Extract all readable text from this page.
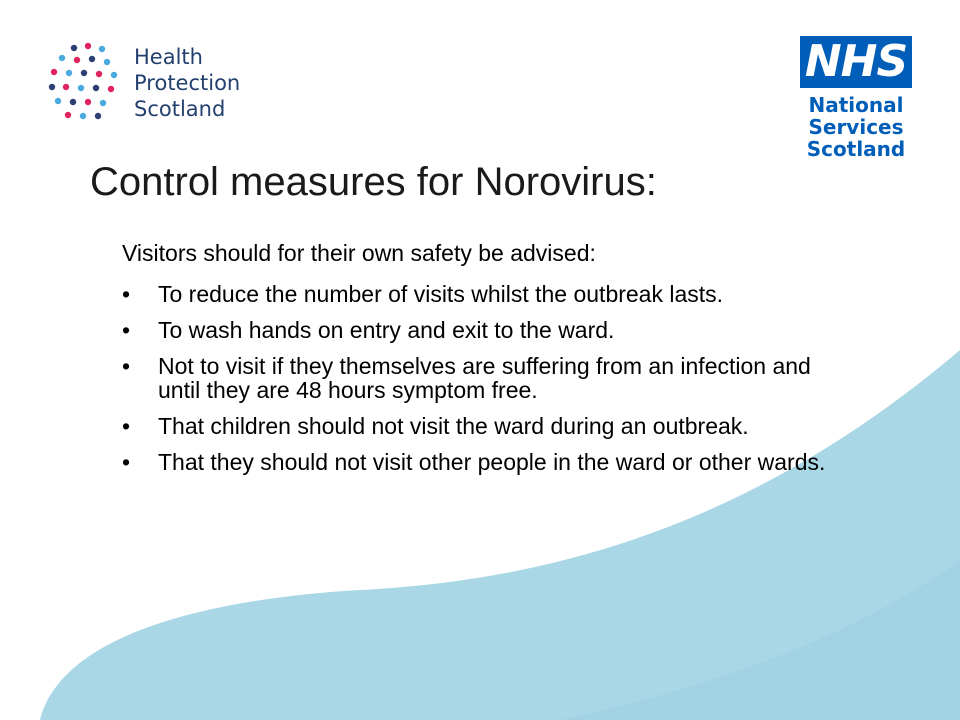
Health
Protection
Scotland
NHS
National
Services
Scotland
Control measures for Norovirus:

Visitors should for their own safety be advised:

• To reduce the number of visits whilst the outbreak lasts.
• To wash hands on entry and exit to the ward.
• Not to visit if they themselves are suffering from an infection and until they are 48 hours symptom free.
• That children should not visit the ward during an outbreak.
• That they should not visit other people in the ward or other wards.
